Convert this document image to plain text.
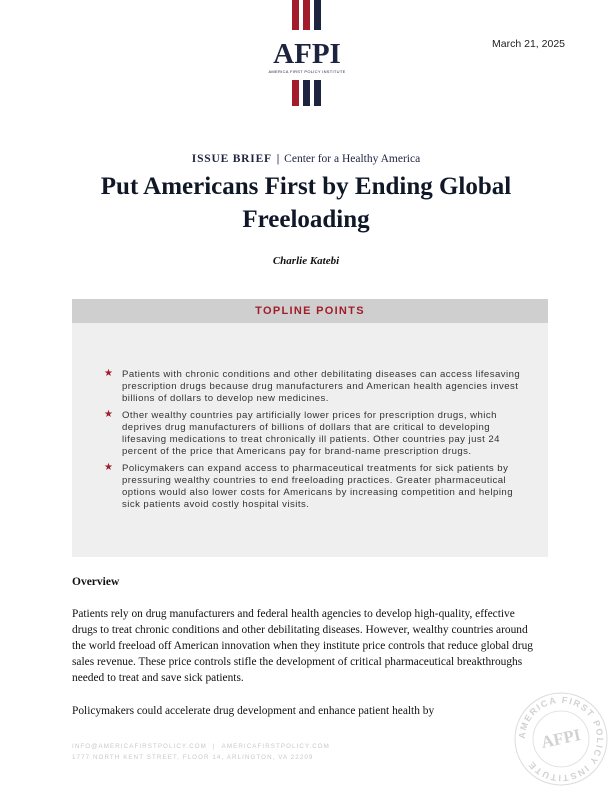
AFPI
AMERICA FIRST POLICY INSTITUTE
March 21, 2025
ISSUE BRIEF | Center for a Healthy America
Put Americans First by Ending Global Freeloading
Charlie Katebi
TOPLINE POINTS
★ Patients with chronic conditions and other debilitating diseases can access lifesaving prescription drugs because drug manufacturers and American health agencies invest billions of dollars to develop new medicines.
★ Other wealthy countries pay artificially lower prices for prescription drugs, which deprives drug manufacturers of billions of dollars that are critical to developing lifesaving medications to treat chronically ill patients. Other countries pay just 24 percent of the price that Americans pay for brand-name prescription drugs.
★ Policymakers can expand access to pharmaceutical treatments for sick patients by pressuring wealthy countries to end freeloading practices. Greater pharmaceutical options would also lower costs for Americans by increasing competition and helping sick patients avoid costly hospital visits.
Overview

Patients rely on drug manufacturers and federal health agencies to develop high-quality, effective drugs to treat chronic conditions and other debilitating diseases. However, wealthy countries around the world freeload off American innovation when they institute price controls that reduce global drug sales revenue. These price controls stifle the development of critical pharmaceutical breakthroughs needed to treat and save sick patients.

Policymakers could accelerate drug development and enhance patient health by

INFO@AMERICAFIRSTPOLICY.COM | AMERICAFIRSTPOLICY.COM
1777 NORTH KENT STREET, FLOOR 14, ARLINGTON, VA 22209
AMERICA FIRST POLICY INSTITUTE
AFPI
